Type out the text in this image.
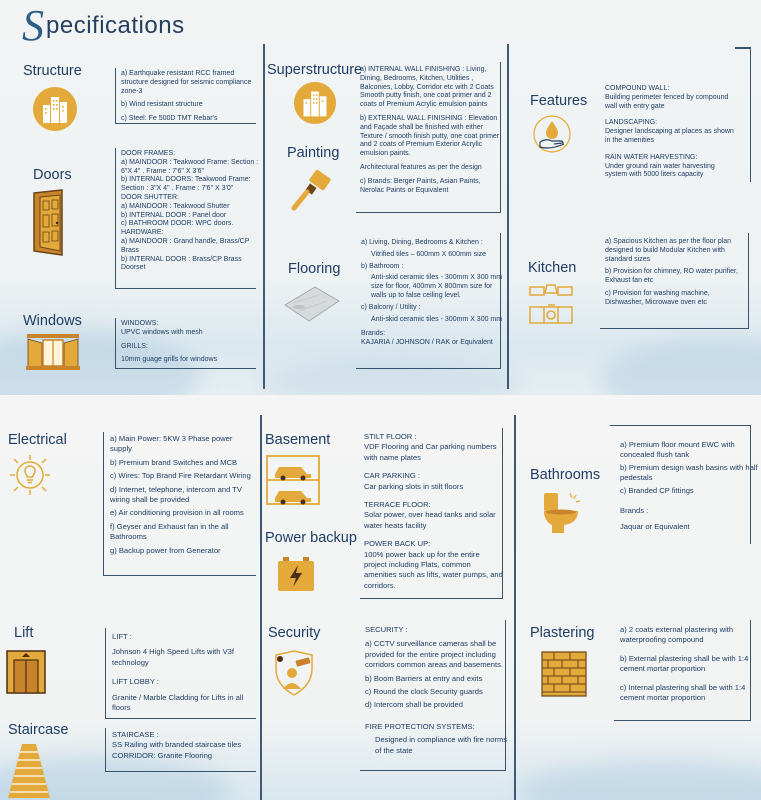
S pecifications
Structure	a) Earthquake resistant RCC framed structure designed for seismic compliance zone-3

b) Wind resistant structure

c) Steel: Fe 500D TMT Rebar's

Doors

DOOR FRAMES:

a) MAINDOOR : Teakwood Frame: Section : 6"X 4" . Frame : 7'6" X 3'6"

b) INTERNAL DOORS: Teakwood Frame: Section : 3"X 4" . Frame : 7'6" X 3'0"

DOOR SHUTTER:

a) MAINDOOR : Teakwood Shutter

b) INTERNAL DOOR : Panel door

c) BATHROOM DOOR: WPC doors.

HARDWARE:

a) MAINDOOR : Grand handle, Brass/CP Brass

b) INTERNAL DOOR : Brass/CP Brass Doorset

Windows	WINDOWS:

UPVC windows with mesh

GRILLS:

10mm guage grills for windows

Superstructure
Painting

a) INTERNAL WALL FINISHING : Living, Dining, Bedrooms, Kitchen, Utilities , Balconies, Lobby, Corridor etc with 2 Coats Smooth putty finish, one coat primer and 2 coats of Premium Acrylic emulsion paints

b) EXTERNAL WALL FINISHING : Elevation and Façade shall be finished with either Texture / smooth finish putty, one coat primer and 2 coats of Premium Exterior Acrylic emulsion paints.

Architectural features as per the design

c) Brands: Berger Paints, Asian Paints, Nerolac Paints or Equivalent

Flooring

a) Living, Dining, Bedrooms & Kitchen :

Vitrified tiles – 600mm X 600mm size

b) Bathroom :

Anti-skid ceramic tiles - 300mm X 300 mm size for floor, 400mm X 800mm size for walls up to false ceiling level.

c) Balcony / Utility :

Anti-skid ceramic tiles - 300mm X 300 mm

Brands:

KAJARIA / JOHNSON / RAK or Equivalent

Features

COMPOUND WALL:

Building perimeter fenced by compound wall with entry gate

LANDSCAPING:

Designer landscaping at places as shown in the amenities

RAIN WATER HARVESTING:

Under ground rain water harvesting system with 5000 liters capacity

Kitchen

a) Spacious Kitchen as per the floor plan designed to build Modular Kitchen with standard sizes

b) Provision for chimney, RO water purifier, Exhaust fan etc

c) Provision for washing machine, Dishwasher, Microwave oven etc

Electrical	a) Main Power: 5KW 3 Phase power supply

b) Premium brand Switches and MCB

c) Wires: Top Brand Fire Retardant Wiring

d) Internet, telephone, intercom and TV wiring shall be provided

e) Air conditioning provision in all rooms

f) Geyser and Exhaust fan in the all Bathrooms

g) Backup power from Generator

Lift	LIFT :

Johnson 4 High Speed Lifts with V3f technology

LIFT LOBBY :

Granite / Marble Cladding for Lifts in all floors

Staircase	STAIRCASE :

SS Railing with branded staircase tiles

CORRIDOR: Granite Flooring

Basement
Power backup

STILT FLOOR :

VDF Flooring and Car parking numbers with name plates

CAR PARKING :

Car parking slots in stilt floors

TERRACE FLOOR:

Solar power, over head tanks and solar water heats facility

POWER BACK UP:

100% power back up for the entire project including Flats, common amenities such as lifts, water pumps, and corridors.

Security	SECURITY :

a) CCTV surveillance cameras shall be provided for the entire project including corridors common areas and basements.

b) Boom Barriers at entry and exits

c) Round the clock Security guards

d) Intercom shall be provided

FIRE PROTECTION SYSTEMS:

Designed in compliance with fire norms of the state

Bathrooms

a) Premium floor mount EWC with concealed flush tank

b) Premium design wash basins with half pedestals

c) Branded CP fittings

Brands :

Jaquar or Equivalent

Plastering	a) 2 coats external plastering with waterproofing compound

b) External plastering shall be with 1:4 cement mortar proportion

c) Internal plastering shall be with 1:4 cement mortar proportion
